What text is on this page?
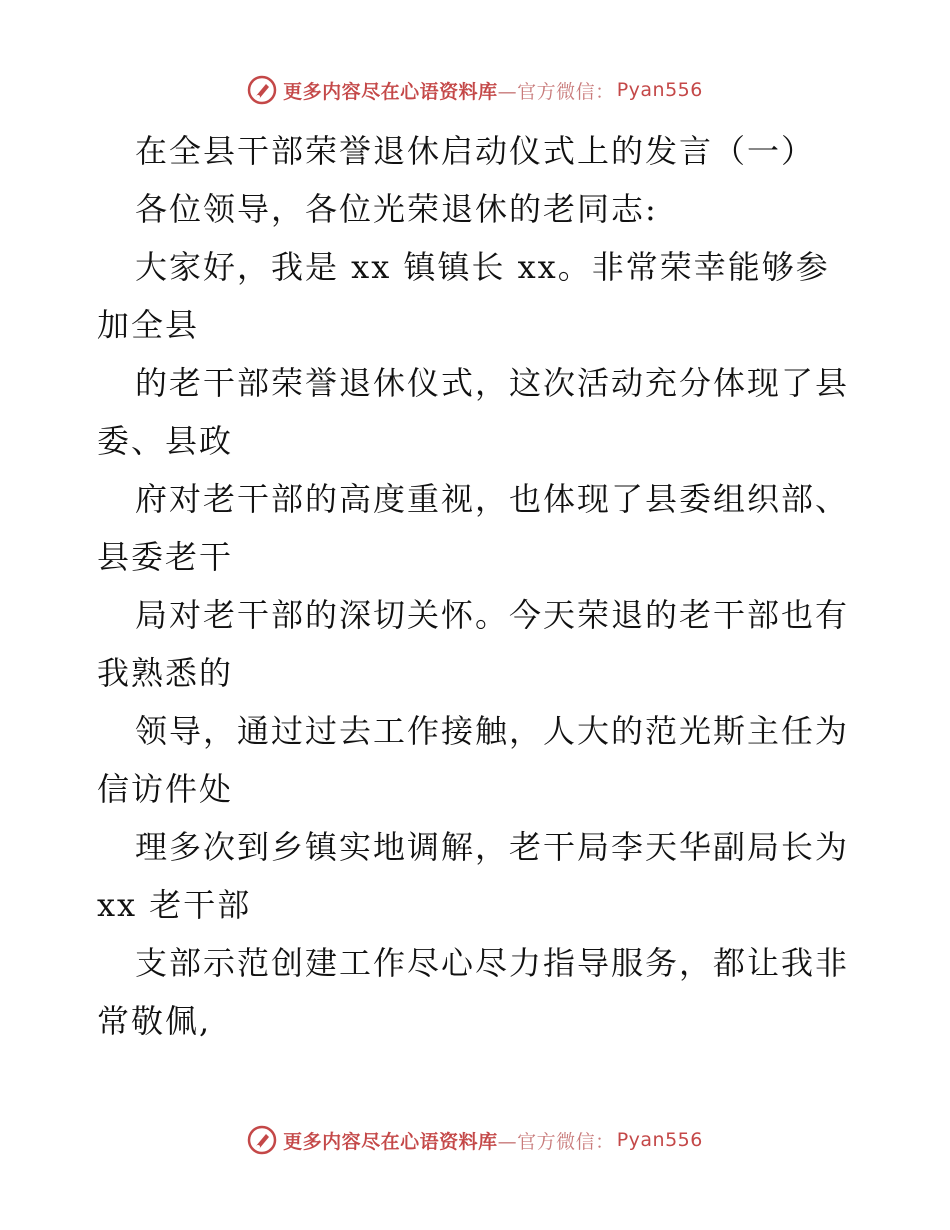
更多内容尽在心语资料库 —官方微信： Pyan556
在全县干部荣誉退休启动仪式上的发言（一）
各位领导，各位光荣退休的老同志:
大家好，我是 xx 镇镇长 xx。非常荣幸能够参
加全县
的老干部荣誉退休仪式，这次活动充分体现了县
委、县政
府对老干部的高度重视，也体现了县委组织部、
县委老干
局对老干部的深切关怀。今天荣退的老干部也有
我熟悉的
领导，通过过去工作接触，人大的范光斯主任为
信访件处
理多次到乡镇实地调解，老干局李天华副局长为
xx 老干部
支部示范创建工作尽心尽力指导服务，都让我非
常敬佩,
更多内容尽在心语资料库 —官方微信： Pyan556
